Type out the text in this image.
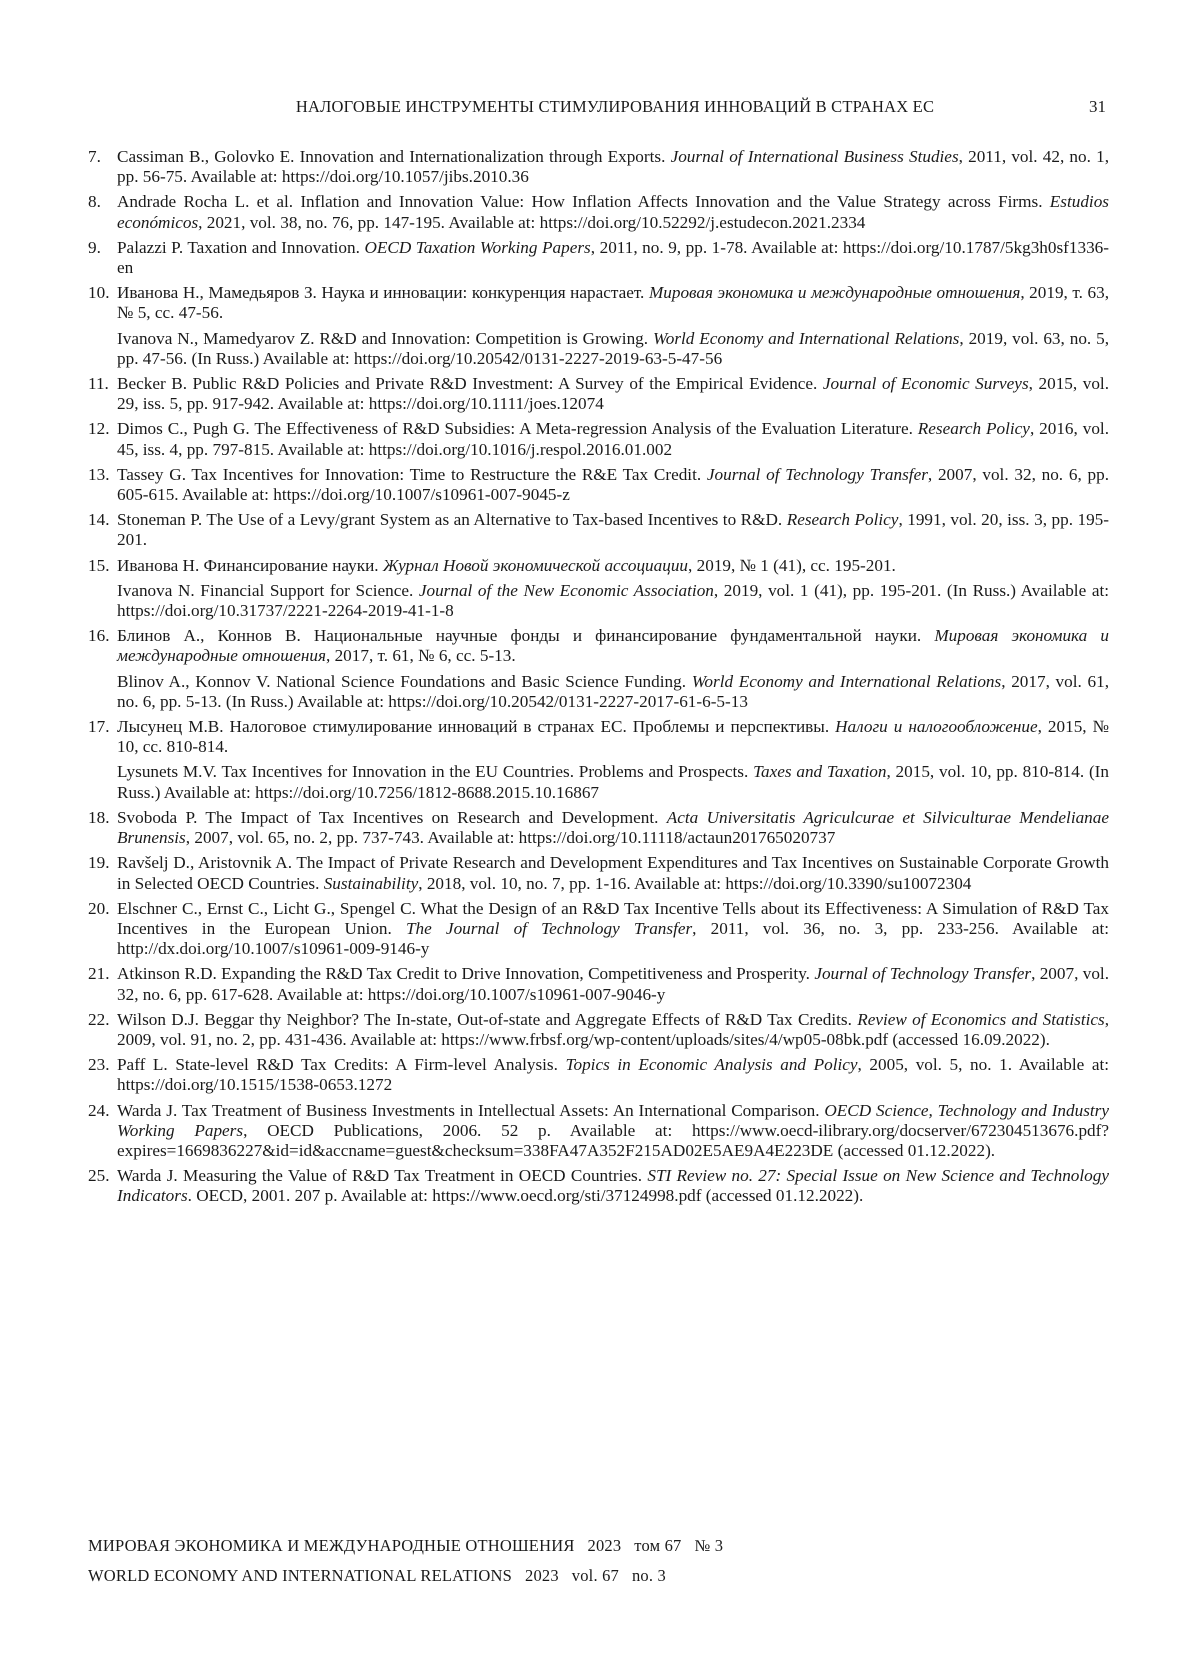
НАЛОГОВЫЕ ИНСТРУМЕНТЫ СТИМУЛИРОВАНИЯ ИННОВАЦИЙ В СТРАНАХ ЕС	31
7. Cassiman B., Golovko E. Innovation and Internationalization through Exports. Journal of International Business Studies, 2011, vol. 42, no. 1, pp. 56-75. Available at: https://doi.org/10.1057/jibs.2010.36

8. Andrade Rocha L. et al. Inflation and Innovation Value: How Inflation Affects Innovation and the Value Strategy across Firms. Estudios económicos, 2021, vol. 38, no. 76, pp. 147-195. Available at: https://doi.org/10.52292/j.estudecon.2021.2334

9. Palazzi P. Taxation and Innovation. OECD Taxation Working Papers, 2011, no. 9, pp. 1-78. Available at: https://doi.org/10.1787/5kg3h0sf1336-en

10. Иванова Н., Мамедьяров З. Наука и инновации: конкуренция нарастает. Мировая экономика и международные отношения, 2019, т. 63, № 5, сс. 47-56.

Ivanova N., Mamedyarov Z. R&D and Innovation: Competition is Growing. World Economy and International Relations, 2019, vol. 63, no. 5, pp. 47-56. (In Russ.) Available at: https://doi.org/10.20542/0131-2227-2019-63-5-47-56

11. Becker B. Public R&D Policies and Private R&D Investment: A Survey of the Empirical Evidence. Journal of Economic Surveys, 2015, vol. 29, iss. 5, pp. 917-942. Available at: https://doi.org/10.1111/joes.12074

12. Dimos C., Pugh G. The Effectiveness of R&D Subsidies: A Meta-regression Analysis of the Evaluation Literature. Research Policy, 2016, vol. 45, iss. 4, pp. 797-815. Available at: https://doi.org/10.1016/j.respol.2016.01.002

13. Tassey G. Tax Incentives for Innovation: Time to Restructure the R&E Tax Credit. Journal of Technology Transfer, 2007, vol. 32, no. 6, pp. 605-615. Available at: https://doi.org/10.1007/s10961-007-9045-z

14. Stoneman P. The Use of a Levy/grant System as an Alternative to Tax-based Incentives to R&D. Research Policy, 1991, vol. 20, iss. 3, pp. 195-201.

15. Иванова Н. Финансирование науки. Журнал Новой экономической ассоциации, 2019, № 1 (41), сс. 195-201.

Ivanova N. Financial Support for Science. Journal of the New Economic Association, 2019, vol. 1 (41), pp. 195-201. (In Russ.) Available at: https://doi.org/10.31737/2221-2264-2019-41-1-8

16. Блинов А., Коннов В. Национальные научные фонды и финансирование фундаментальной науки. Мировая экономика и международные отношения, 2017, т. 61, № 6, сс. 5-13.

Blinov A., Konnov V. National Science Foundations and Basic Science Funding. World Economy and International Relations, 2017, vol. 61, no. 6, pp. 5-13. (In Russ.) Available at: https://doi.org/10.20542/0131-2227-2017-61-6-5-13

17. Лысунец М.В. Налоговое стимулирование инноваций в странах ЕС. Проблемы и перспективы. Налоги и налогообложение, 2015, № 10, сс. 810-814.

Lysunets M.V. Tax Incentives for Innovation in the EU Countries. Problems and Prospects. Taxes and Taxation, 2015, vol. 10, pp. 810-814. (In Russ.) Available at: https://doi.org/10.7256/1812-8688.2015.10.16867

18. Svoboda P. The Impact of Tax Incentives on Research and Development. Acta Universitatis Agriculcurae et Silviculturae Mendelianae Brunensis, 2007, vol. 65, no. 2, pp. 737-743. Available at: https://doi.org/10.11118/actaun201765020737

19. Ravšelj D., Aristovnik A. The Impact of Private Research and Development Expenditures and Tax Incentives on Sustainable Corporate Growth in Selected OECD Countries. Sustainability, 2018, vol. 10, no. 7, pp. 1-16. Available at: https://doi.org/10.3390/su10072304

20. Elschner C., Ernst C., Licht G., Spengel C. What the Design of an R&D Tax Incentive Tells about its Effectiveness: A Simulation of R&D Tax Incentives in the European Union. The Journal of Technology Transfer, 2011, vol. 36, no. 3, pp. 233-256. Available at: http://dx.doi.org/10.1007/s10961-009-9146-y

21. Atkinson R.D. Expanding the R&D Tax Credit to Drive Innovation, Competitiveness and Prosperity. Journal of Technology Transfer, 2007, vol. 32, no. 6, pp. 617-628. Available at: https://doi.org/10.1007/s10961-007-9046-y

22. Wilson D.J. Beggar thy Neighbor? The In-state, Out-of-state and Aggregate Effects of R&D Tax Credits. Review of Economics and Statistics, 2009, vol. 91, no. 2, pp. 431-436. Available at: https://www.frbsf.org/wp-content/uploads/sites/4/wp05-08bk.pdf (accessed 16.09.2022).

23. Paff L. State-level R&D Tax Credits: A Firm-level Analysis. Topics in Economic Analysis and Policy, 2005, vol. 5, no. 1. Available at: https://doi.org/10.1515/1538-0653.1272

24. Warda J. Tax Treatment of Business Investments in Intellectual Assets: An International Comparison. OECD Science, Technology and Industry Working Papers, OECD Publications, 2006. 52 p. Available at: https://www.oecd-ilibrary.org/docserver/672304513676.pdf?expires=1669836227&id=id&accname=guest&checksum=338FA47A352F215AD02E5AE9A4E223DE (accessed 01.12.2022).

25. Warda J. Measuring the Value of R&D Tax Treatment in OECD Countries. STI Review no. 27: Special Issue on New Science and Technology Indicators. OECD, 2001. 207 p. Available at: https://www.oecd.org/sti/37124998.pdf (accessed 01.12.2022).

МИРОВАЯ ЭКОНОМИКА И МЕЖДУНАРОДНЫЕ ОТНОШЕНИЯ   2023   том 67   № 3
WORLD ECONOMY AND INTERNATIONAL RELATIONS   2023   vol. 67   no. 3
